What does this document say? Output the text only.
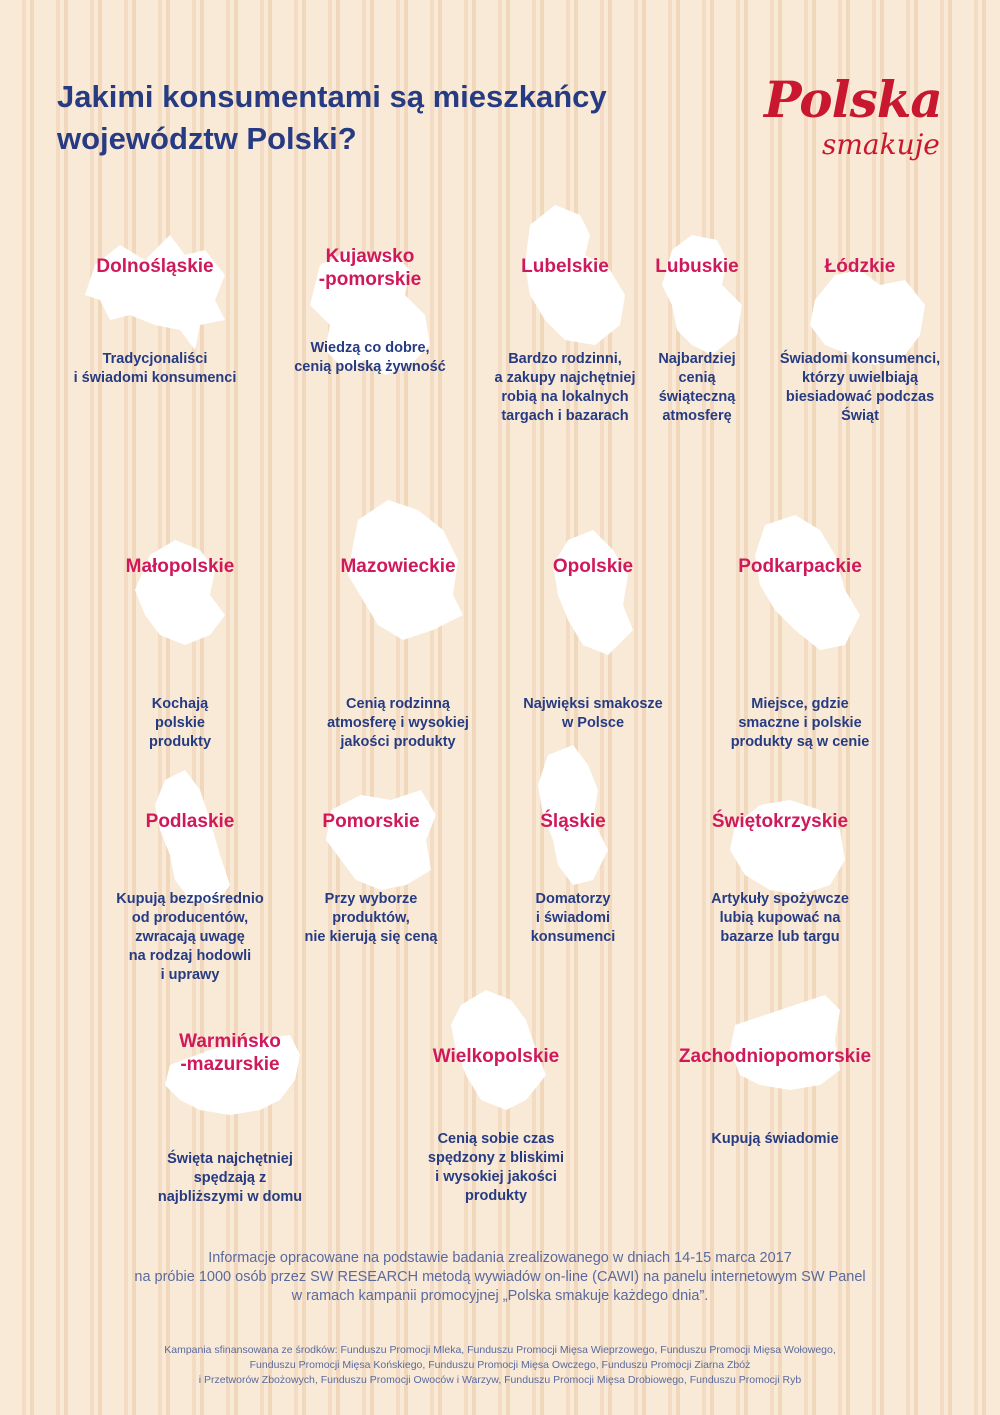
Jakimi konsumentami są mieszkańcy
województw Polski?
Polska
smakuje
Dolnośląskie
Tradycjonaliści
i świadomi konsumenci
Kujawsko
-pomorskie
Wiedzą co dobre,
cenią polską żywność
Lubelskie
Bardzo rodzinni,
a zakupy najchętniej
robią na lokalnych
targach i bazarach
Lubuskie
Najbardziej
cenią
świąteczną
atmosferę
Łódzkie
Świadomi konsumenci,
którzy uwielbiają
biesiadować podczas
Świąt
Małopolskie
Kochają
polskie
produkty
Mazowieckie
Cenią rodzinną
atmosferę i wysokiej
jakości produkty
Opolskie
Najwięksi smakosze
w Polsce
Podkarpackie
Miejsce, gdzie
smaczne i polskie
produkty są w cenie
Podlaskie
Kupują bezpośrednio
od producentów,
zwracają uwagę
na rodzaj hodowli
i uprawy
Pomorskie
Przy wyborze
produktów,
nie kierują się ceną
Śląskie
Domatorzy
i świadomi
konsumenci
Świętokrzyskie
Artykuły spożywcze
lubią kupować na
bazarze lub targu
Warmińsko
-mazurskie
Święta najchętniej
spędzają z
najbliższymi w domu
Wielkopolskie
Cenią sobie czas
spędzony z bliskimi
i wysokiej jakości
produkty
Zachodniopomorskie
Kupują świadomie
Informacje opracowane na podstawie badania zrealizowanego w dniach 14-15 marca 2017
na próbie 1000 osób przez SW RESEARCH metodą wywiadów on-line (CAWI) na panelu internetowym SW Panel
w ramach kampanii promocyjnej „Polska smakuje każdego dnia”.
Kampania sfinansowana ze środków: Funduszu Promocji Mleka, Funduszu Promocji Mięsa Wieprzowego, Funduszu Promocji Mięsa Wołowego,
Funduszu Promocji Mięsa Końskiego, Funduszu Promocji Mięsa Owczego, Funduszu Promocji Ziarna Zbóż
i Przetworów Zbożowych, Funduszu Promocji Owoców i Warzyw, Funduszu Promocji Mięsa Drobiowego, Funduszu Promocji Ryb
